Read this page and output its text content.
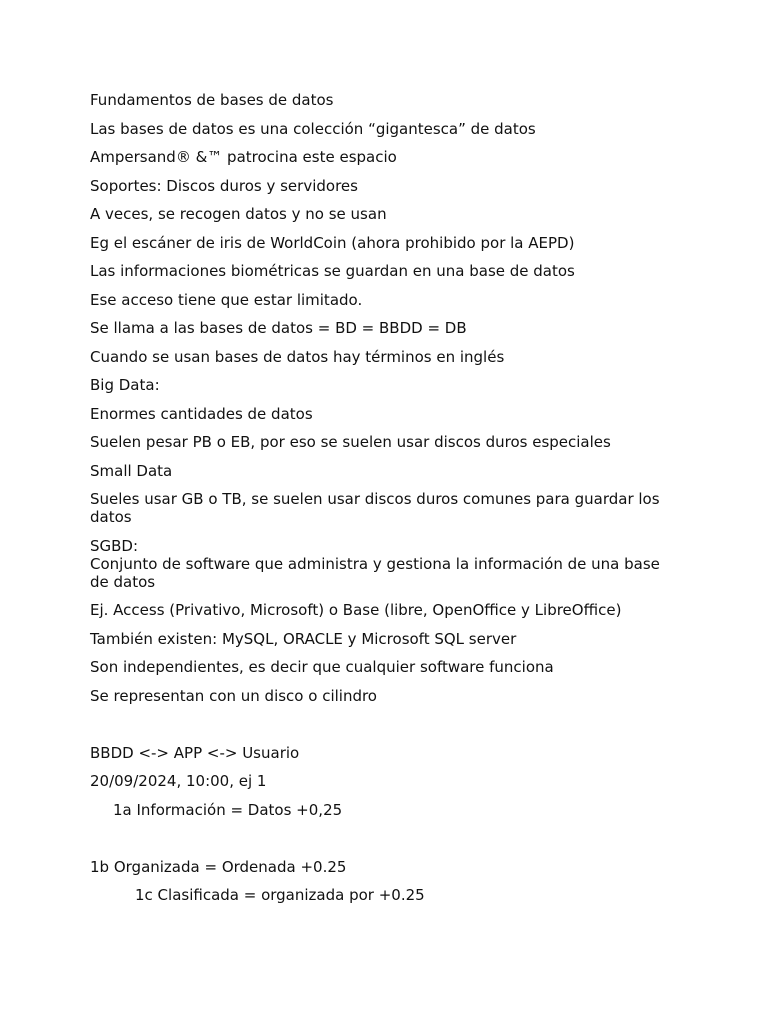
Fundamentos de bases de datos

Las bases de datos es una colección “gigantesca” de datos

Ampersand® &™ patrocina este espacio

Soportes: Discos duros y servidores

A veces, se recogen datos y no se usan

Eg el escáner de iris de WorldCoin (ahora prohibido por la AEPD)

Las informaciones biométricas se guardan en una base de datos

Ese acceso tiene que estar limitado.

Se llama a las bases de datos = BD = BBDD = DB

Cuando se usan bases de datos hay términos en inglés

Big Data:

Enormes cantidades de datos

Suelen pesar PB o EB, por eso se suelen usar discos duros especiales

Small Data

Sueles usar GB o TB, se suelen usar discos duros comunes para guardar los datos

SGBD:

Conjunto de software que administra y gestiona la información de una base de datos

Ej. Access (Privativo, Microsoft) o Base (libre, OpenOffice y LibreOffice)

También existen: MySQL, ORACLE y Microsoft SQL server

Son independientes, es decir que cualquier software funciona

Se representan con un disco o cilindro

BBDD <-> APP <-> Usuario

20/09/2024, 10:00, ej 1

1a Información = Datos +0,25

1b Organizada = Ordenada +0.25

1c Clasificada = organizada por +0.25
